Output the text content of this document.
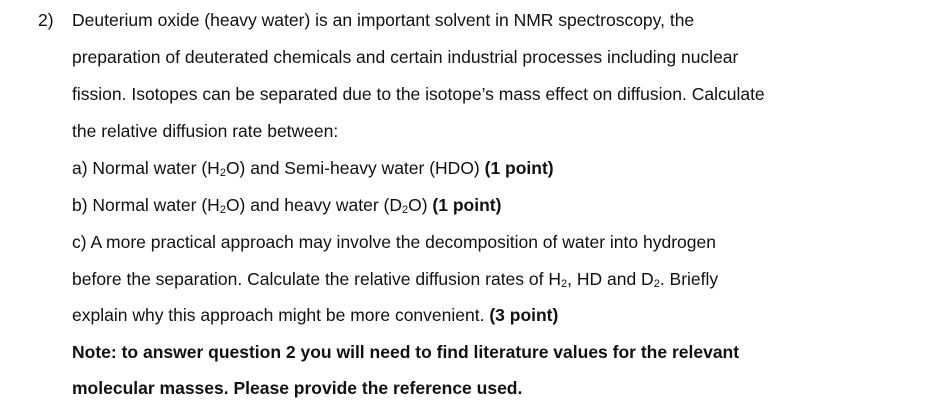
2) Deuterium oxide (heavy water) is an important solvent in NMR spectroscopy, the
preparation of deuterated chemicals and certain industrial processes including nuclear
fission. Isotopes can be separated due to the isotope’s mass effect on diffusion. Calculate
the relative diffusion rate between:
a) Normal water $(H_2O)$ and Semi-heavy water (HDO) (1 point)
b) Normal water $(H_2O)$ and heavy water $(D_2O)$ (1 point)
c) A more practical approach may involve the decomposition of water into hydrogen
before the separation. Calculate the relative diffusion rates of $H_2$, HD and $D_2$. Briefly
explain why this approach might be more convenient. (3 point)
Note: to answer question 2 you will need to find literature values for the relevant
molecular masses. Please provide the reference used.
